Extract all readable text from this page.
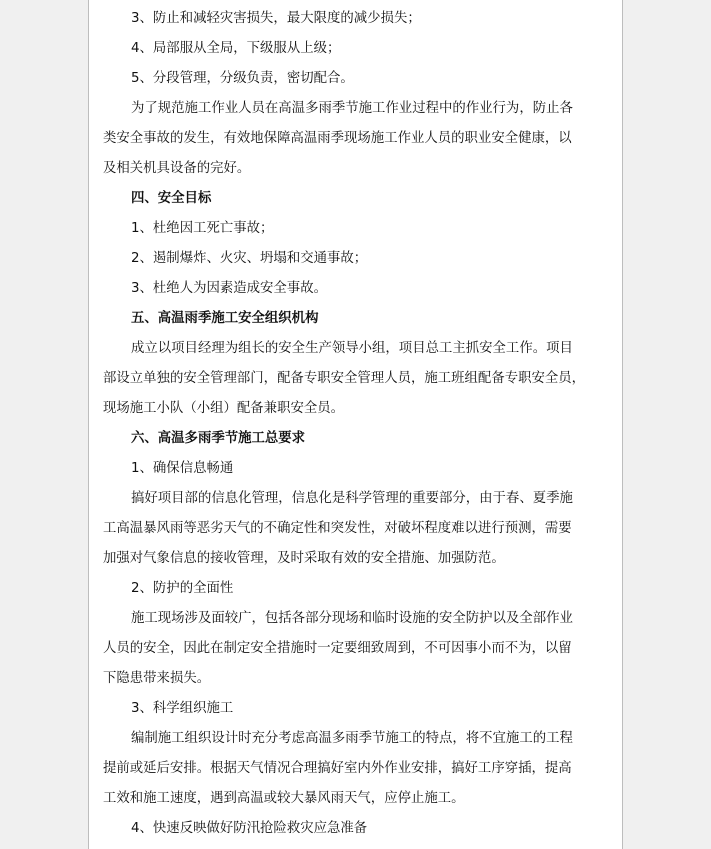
3、防止和减轻灾害损失，最大限度的减少损失；
4、局部服从全局，下级服从上级；
5、分段管理，分级负责，密切配合。
为了规范施工作业人员在高温多雨季节施工作业过程中的作业行为，防止各
类安全事故的发生，有效地保障高温雨季现场施工作业人员的职业安全健康，以
及相关机具设备的完好。
四、安全目标
1、杜绝因工死亡事故；
2、遏制爆炸、火灾、坍塌和交通事故；
3、杜绝人为因素造成安全事故。
五、高温雨季施工安全组织机构
成立以项目经理为组长的安全生产领导小组，项目总工主抓安全工作。项目
部设立单独的安全管理部门，配备专职安全管理人员，施工班组配备专职安全员，
现场施工小队（小组）配备兼职安全员。
六、高温多雨季节施工总要求
1、确保信息畅通
搞好项目部的信息化管理，信息化是科学管理的重要部分，由于春、夏季施
工高温暴风雨等恶劣天气的不确定性和突发性，对破坏程度难以进行预测，需要
加强对气象信息的接收管理，及时采取有效的安全措施、加强防范。
2、防护的全面性
施工现场涉及面较广，包括各部分现场和临时设施的安全防护以及全部作业
人员的安全，因此在制定安全措施时一定要细致周到，不可因事小而不为，以留
下隐患带来损失。
3、科学组织施工
编制施工组织设计时充分考虑高温多雨季节施工的特点，将不宜施工的工程
提前或延后安排。根据天气情况合理搞好室内外作业安排，搞好工序穿插，提高
工效和施工速度，遇到高温或较大暴风雨天气，应停止施工。
4、快速反映做好防汛抢险救灾应急准备
